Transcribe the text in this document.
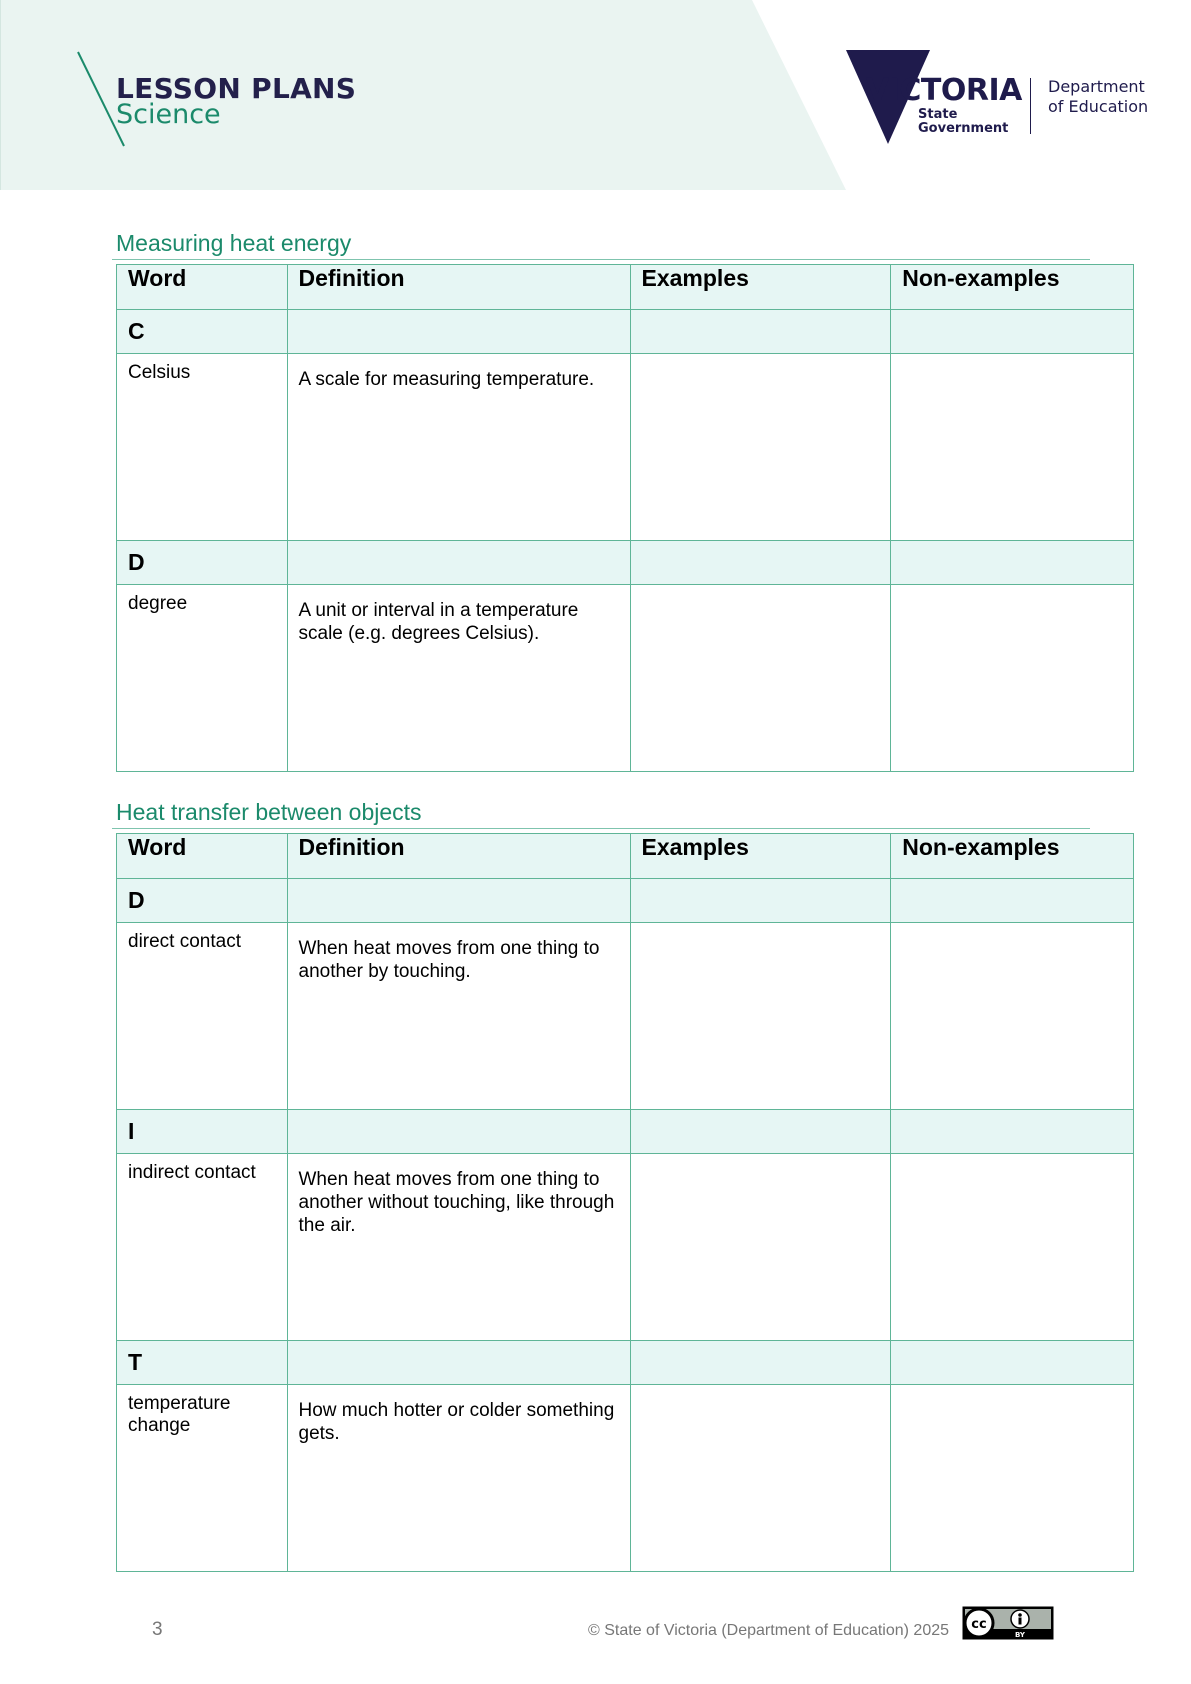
LESSON PLANS
Science
VICTORIA
State
Government
Department
of Education
Measuring heat energy
Word	Definition	Examples	Non-examples
C			
Celsius	A scale for measuring temperature.		
D			
degree	A unit or interval in a temperature scale (e.g. degrees Celsius).		
Heat transfer between objects
Word	Definition	Examples	Non-examples
D			
direct contact	When heat moves from one thing to another by touching.		
I			
indirect contact	When heat moves from one thing to another without touching, like through the air.		
T			
temperature change	How much hotter or colder something gets.		
3	© State of Victoria (Department of Education) 2025 cc
BY
